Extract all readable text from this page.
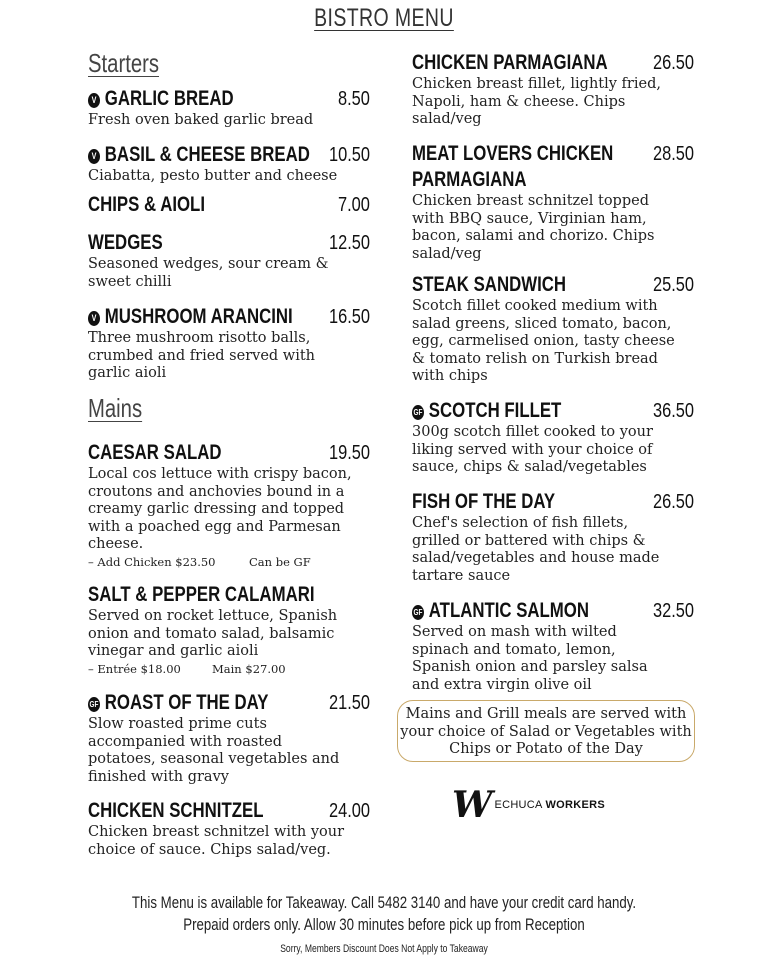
BISTRO MENU
Starters
V GARLIC BREAD	8.50
Fresh oven baked garlic bread
V BASIL & CHEESE BREAD 10.50
Ciabatta, pesto butter and cheese
CHIPS & AIOLI	7.00
WEDGES	12.50
Seasoned wedges, sour cream &
sweet chilli
V MUSHROOM ARANCINI 16.50
Three mushroom risotto balls,
crumbed and fried served with
garlic aioli
Mains
CAESAR SALAD	19.50
Local cos lettuce with crispy bacon,
croutons and anchovies bound in a
creamy garlic dressing and topped
with a poached egg and Parmesan
cheese.
– Add Chicken $23.50	Can be GF
SALT & PEPPER CALAMARI
Served on rocket lettuce, Spanish
onion and tomato salad, balsamic
vinegar and garlic aioli
– Entrée $18.00	Main $27.00
GF ROAST OF THE DAY	21.50
Slow roasted prime cuts
accompanied with roasted
potatoes, seasonal vegetables and
finished with gravy
CHICKEN SCHNITZEL	24.00
Chicken breast schnitzel with your
choice of sauce. Chips salad/veg.
CHICKEN PARMAGIANA 26.50
Chicken breast fillet, lightly fried,
Napoli, ham & cheese. Chips
salad/veg
MEAT LOVERS CHICKEN 28.50
PARMAGIANA
Chicken breast schnitzel topped
with BBQ sauce, Virginian ham,
bacon, salami and chorizo. Chips
salad/veg
STEAK SANDWICH	25.50
Scotch fillet cooked medium with
salad greens, sliced tomato, bacon,
egg, carmelised onion, tasty cheese
& tomato relish on Turkish bread
with chips
GF SCOTCH FILLET	36.50
300g scotch fillet cooked to your
liking served with your choice of
sauce, chips & salad/vegetables
FISH OF THE DAY	26.50
Chef's selection of fish fillets,
grilled or battered with chips &
salad/vegetables and house made
tartare sauce
GF ATLANTIC SALMON	32.50
Served on mash with wilted
spinach and tomato, lemon,
Spanish onion and parsley salsa
and extra virgin olive oil
Mains and Grill meals are served with
your choice of Salad or Vegetables with
Chips or Potato of the Day
W ECHUCA WORKERS
This Menu is available for Takeaway. Call 5482 3140 and have your credit card handy.
Prepaid orders only. Allow 30 minutes before pick up from Reception
Sorry, Members Discount Does Not Apply to Takeaway
